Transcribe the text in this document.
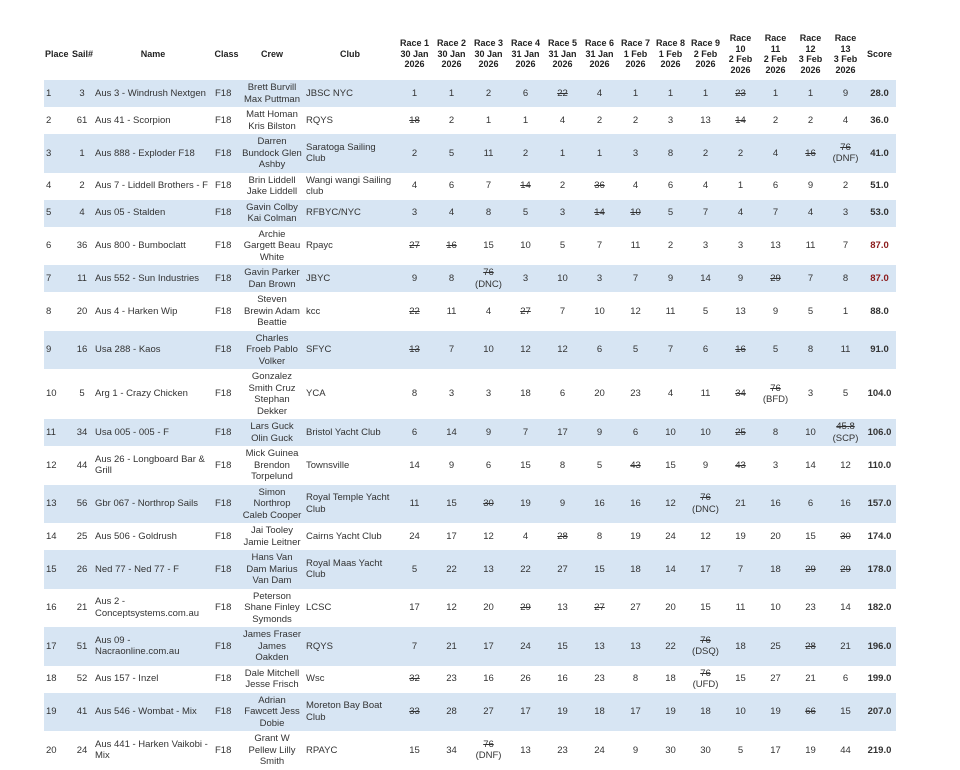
Place	Sail#	Name	Class	Crew	Club	Race 1
30 Jan
2026	Race 2
30 Jan
2026	Race 3
30 Jan
2026	Race 4
31 Jan
2026	Race 5
31 Jan
2026	Race 6
31 Jan
2026	Race 7
1 Feb
2026	Race 8
1 Feb
2026	Race 9
2 Feb
2026	Race
10
2 Feb
2026	Race
11
2 Feb
2026	Race
12
3 Feb
2026	Race
13
3 Feb
2026	Score
1	3	Aus 3 - Windrush Nextgen	F18	Brett Burvill Max Puttman	JBSC NYC	1	1	2	6	22	4	1	1	1	23	1	1	9	28.0
2	61	Aus 41 - Scorpion	F18	Matt Homan Kris Bilston	RQYS	18	2	1	1	4	2	2	3	13	14	2	2	4	36.0
3	1	Aus 888 - Exploder F18	F18	Darren Bundock Glen Ashby	Saratoga Sailing Club	2	5	11	2	1	1	3	8	2	2	4	16	76
(DNF)	41.0
4	2	Aus 7 - Liddell Brothers - F	F18	Brin Liddell Jake Liddell	Wangi wangi Sailing club	4	6	7	14	2	36	4	6	4	1	6	9	2	51.0
5	4	Aus 05 - Stalden	F18	Gavin Colby Kai Colman	RFBYC/NYC	3	4	8	5	3	14	10	5	7	4	7	4	3	53.0
6	36	Aus 800 - Bumboclatt	F18	Archie Gargett Beau White	Rpayc	27	16	15	10	5	7	11	2	3	3	13	11	7	87.0
7	11	Aus 552 - Sun Industries	F18	Gavin Parker Dan Brown	JBYC	9	8	76
(DNC)	3	10	3	7	9	14	9	29	7	8	87.0
8	20	Aus 4 - Harken Wip	F18	Steven Brewin Adam Beattie	kcc	22	11	4	27	7	10	12	11	5	13	9	5	1	88.0
9	16	Usa 288 - Kaos	F18	Charles Froeb Pablo Volker	SFYC	13	7	10	12	12	6	5	7	6	16	5	8	11	91.0
10	5	Arg 1 - Crazy Chicken	F18	Gonzalez Smith Cruz Stephan Dekker	YCA	8	3	3	18	6	20	23	4	11	34	76
(BFD)	3	5	104.0
11	34	Usa 005 - 005 - F	F18	Lars Guck Olin Guck	Bristol Yacht Club	6	14	9	7	17	9	6	10	10	25	8	10	45.8
(SCP)	106.0
12	44	Aus 26 - Longboard Bar & Grill	F18	Mick Guinea Brendon Torpelund	Townsville	14	9	6	15	8	5	43	15	9	43	3	14	12	110.0
13	56	Gbr 067 - Northrop Sails	F18	Simon Northrop Caleb Cooper	Royal Temple Yacht Club	11	15	30	19	9	16	16	12	76
(DNC)	21	16	6	16	157.0
14	25	Aus 506 - Goldrush	F18	Jai Tooley Jamie Leitner	Cairns Yacht Club	24	17	12	4	28	8	19	24	12	19	20	15	30	174.0
15	26	Ned 77 - Ned 77 - F	F18	Hans Van Dam Marius Van Dam	Royal Maas Yacht Club	5	22	13	22	27	15	18	14	17	7	18	29	29	178.0
16	21	Aus 2 - Conceptsystems.com.au	F18	Peterson Shane Finley Symonds	LCSC	17	12	20	29	13	27	27	20	15	11	10	23	14	182.0
17	51	Aus 09 - Nacraonline.com.au	F18	James Fraser James Oakden	RQYS	7	21	17	24	15	13	13	22	76
(DSQ)	18	25	28	21	196.0
18	52	Aus 157 - Inzel	F18	Dale Mitchell Jesse Frisch	Wsc	32	23	16	26	16	23	8	18	76
(UFD)	15	27	21	6	199.0
19	41	Aus 546 - Wombat - Mix	F18	Adrian Fawcett Jess Dobie	Moreton Bay Boat Club	33	28	27	17	19	18	17	19	18	10	19	66	15	207.0
20	24	Aus 441 - Harken Vaikobi - Mix	F18	Grant W Pellew Lilly Smith	RPAYC	15	34	76
(DNF)	13	23	24	9	30	30	5	17	19	44	219.0
